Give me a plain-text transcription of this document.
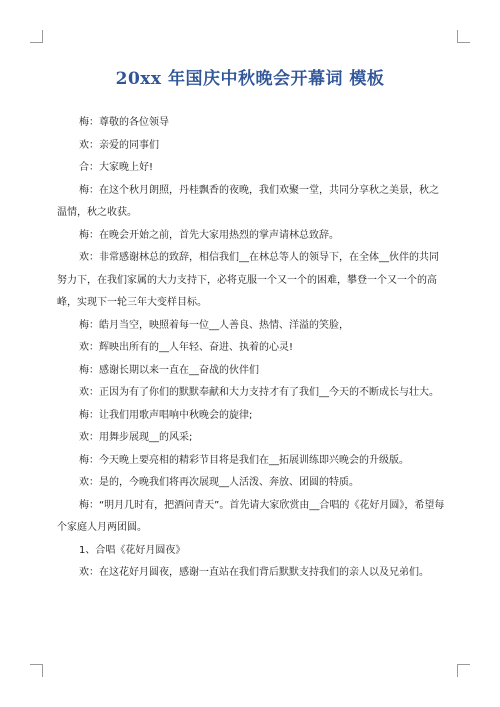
20xx 年国庆中秋晚会开幕词 模板

梅：尊敬的各位领导

欢：亲爱的同事们

合：大家晚上好!

梅：在这个秋月朗照，丹桂飘香的夜晚，我们欢聚一堂，共同分享秋之美景，秋之温情，秋之收获。

梅：在晚会开始之前，首先大家用热烈的掌声请林总致辞。

欢：非常感谢林总的致辞，相信我们__在林总等人的领导下，在全体__伙伴的共同努力下，在我们家属的大力支持下，必将克服一个又一个的困难，攀登一个又一个的高峰，实现下一轮三年大变样目标。

梅：皓月当空，映照着每一位__人善良、热情、洋溢的笑脸，

欢：辉映出所有的__人年轻、奋进、执着的心灵!

梅：感谢长期以来一直在__奋战的伙伴们

欢：正因为有了你们的默默奉献和大力支持才有了我们__今天的不断成长与壮大。

梅：让我们用歌声唱响中秋晚会的旋律;

欢：用舞步展现__的风采;

梅：今天晚上要亮相的精彩节目将是我们在__拓展训练即兴晚会的升级版。

欢：是的，今晚我们将再次展现__人活泼、奔放、团圆的特质。

梅：“明月几时有，把酒问青天”。首先请大家欣赏由__合唱的《花好月圆》，希望每个家庭人月两团圆。

1、合唱《花好月圆夜》

欢：在这花好月圆夜，感谢一直站在我们背后默默支持我们的亲人以及兄弟们。
